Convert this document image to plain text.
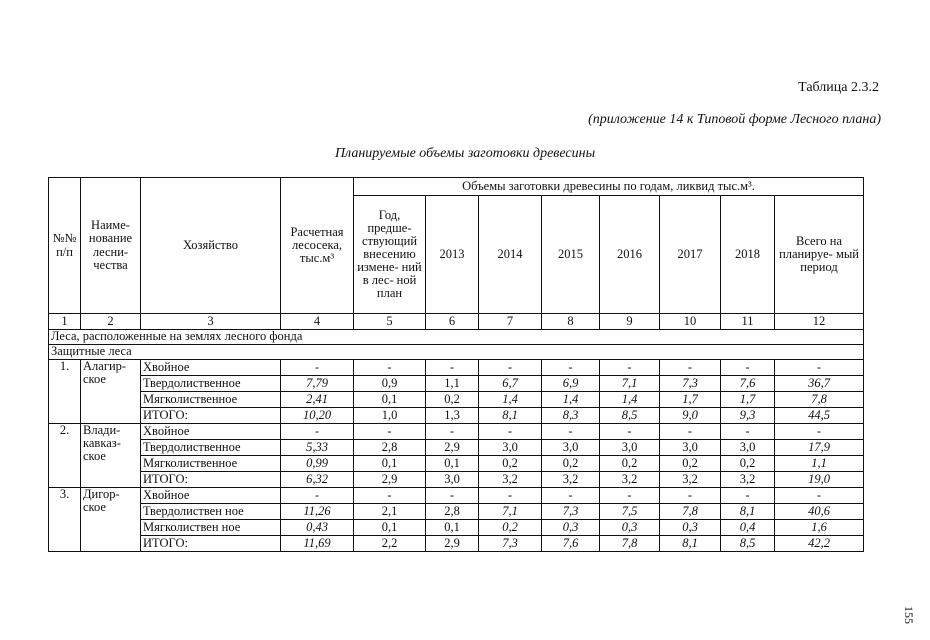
Таблица 2.3.2
(приложение 14 к Типовой форме Лесного плана)
Планируемые объемы заготовки древесины
№№ п/п	Наиме- нование лесни- чества	Хозяйство	Расчетная лесосека, тыс.м³	Объемы заготовки древесины по годам, ликвид тыс.м³.							
				Год, предше- ствующий внесению измене- ний в лес- ной план	2013	2014	2015	2016	2017	2018	Всего на планируе- мый период
1	2	3	4	5	6	7	8	9	10	11	12
Леса, расположенные на землях лесного фонда											
Защитные леса											
1.	Алагир- ское	Хвойное	-	-	-	-	-	-	-	-	-
		Твердолиственное	7,79	0,9	1,1	6,7	6,9	7,1	7,3	7,6	36,7
		Мягколиственное	2,41	0,1	0,2	1,4	1,4	1,4	1,7	1,7	7,8
		ИТОГО:	10,20	1,0	1,3	8,1	8,3	8,5	9,0	9,3	44,5
2.	Влади- кавказ- ское	Хвойное	-	-	-	-	-	-	-	-	-
		Твердолиственное	5,33	2,8	2,9	3,0	3,0	3,0	3,0	3,0	17,9
		Мягколиственное	0,99	0,1	0,1	0,2	0,2	0,2	0,2	0,2	1,1
		ИТОГО:	6,32	2,9	3,0	3,2	3,2	3,2	3,2	3,2	19,0
3.	Дигор- ское	Хвойное	-	-	-	-	-	-	-	-	-
		Твердолиствен ное	11,26	2,1	2,8	7,1	7,3	7,5	7,8	8,1	40,6
		Мягколиствен ное	0,43	0,1	0,1	0,2	0,3	0,3	0,3	0,4	1,6
		ИТОГО:	11,69	2,2	2,9	7,3	7,6	7,8	8,1	8,5	42,2
155
